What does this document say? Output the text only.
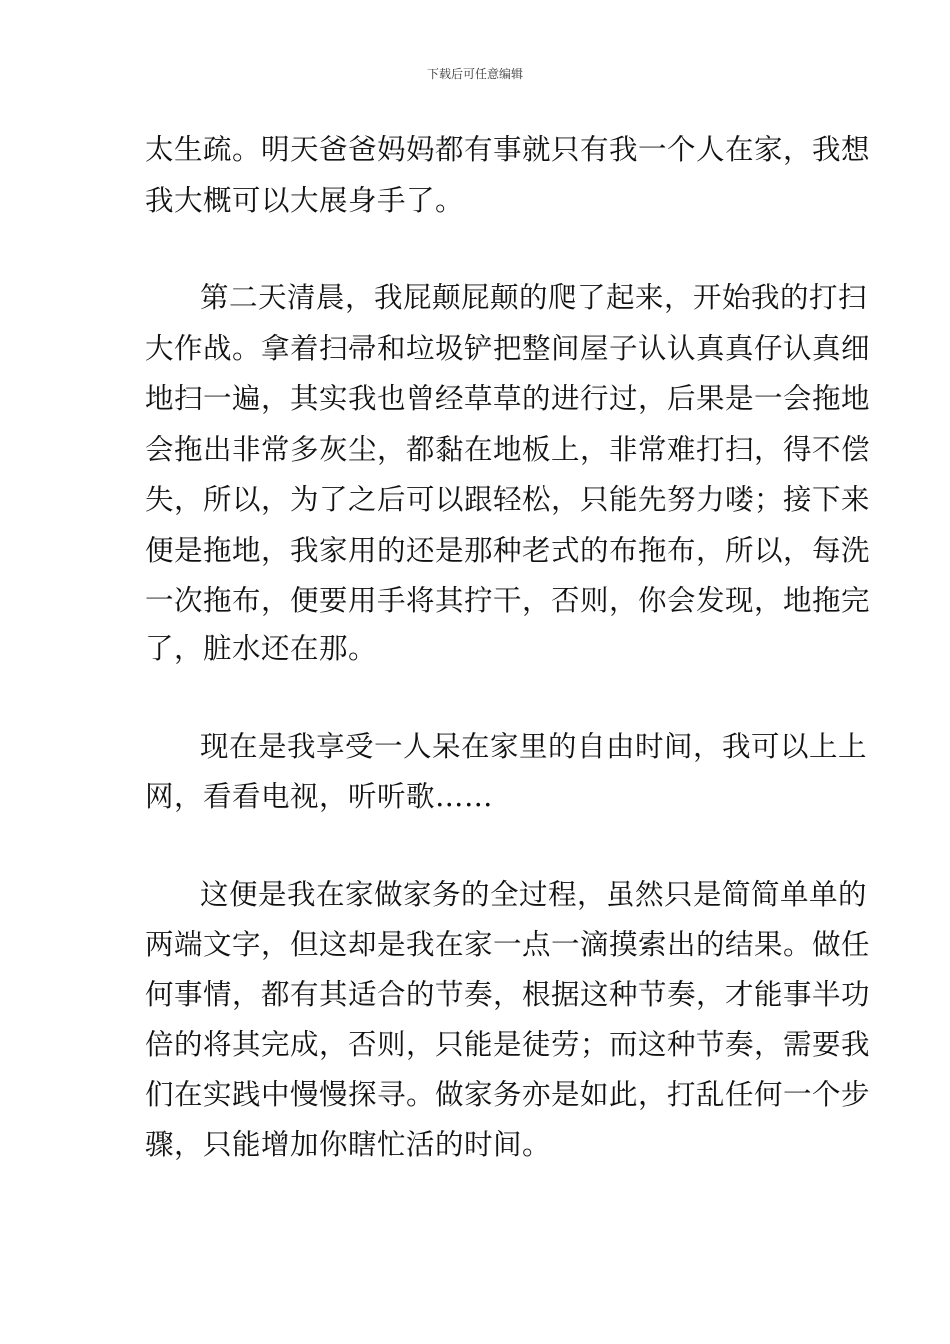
下载后可任意编辑
太生疏。明天爸爸妈妈都有事就只有我一个人在家，我想
我大概可以大展身手了。
第二天清晨，我屁颠屁颠的爬了起来，开始我的打扫
大作战。拿着扫帚和垃圾铲把整间屋子认认真真仔认真细
地扫一遍，其实我也曾经草草的进行过，后果是一会拖地
会拖出非常多灰尘，都黏在地板上，非常难打扫，得不偿
失，所以，为了之后可以跟轻松，只能先努力喽；接下来
便是拖地，我家用的还是那种老式的布拖布，所以，每洗
一次拖布，便要用手将其拧干，否则，你会发现，地拖完
了，脏水还在那。
现在是我享受一人呆在家里的自由时间，我可以上上
网，看看电视，听听歌……
这便是我在家做家务的全过程，虽然只是简简单单的
两端文字，但这却是我在家一点一滴摸索出的结果。做任
何事情，都有其适合的节奏，根据这种节奏，才能事半功
倍的将其完成，否则，只能是徒劳；而这种节奏，需要我
们在实践中慢慢探寻。做家务亦是如此，打乱任何一个步
骤，只能增加你瞎忙活的时间。
